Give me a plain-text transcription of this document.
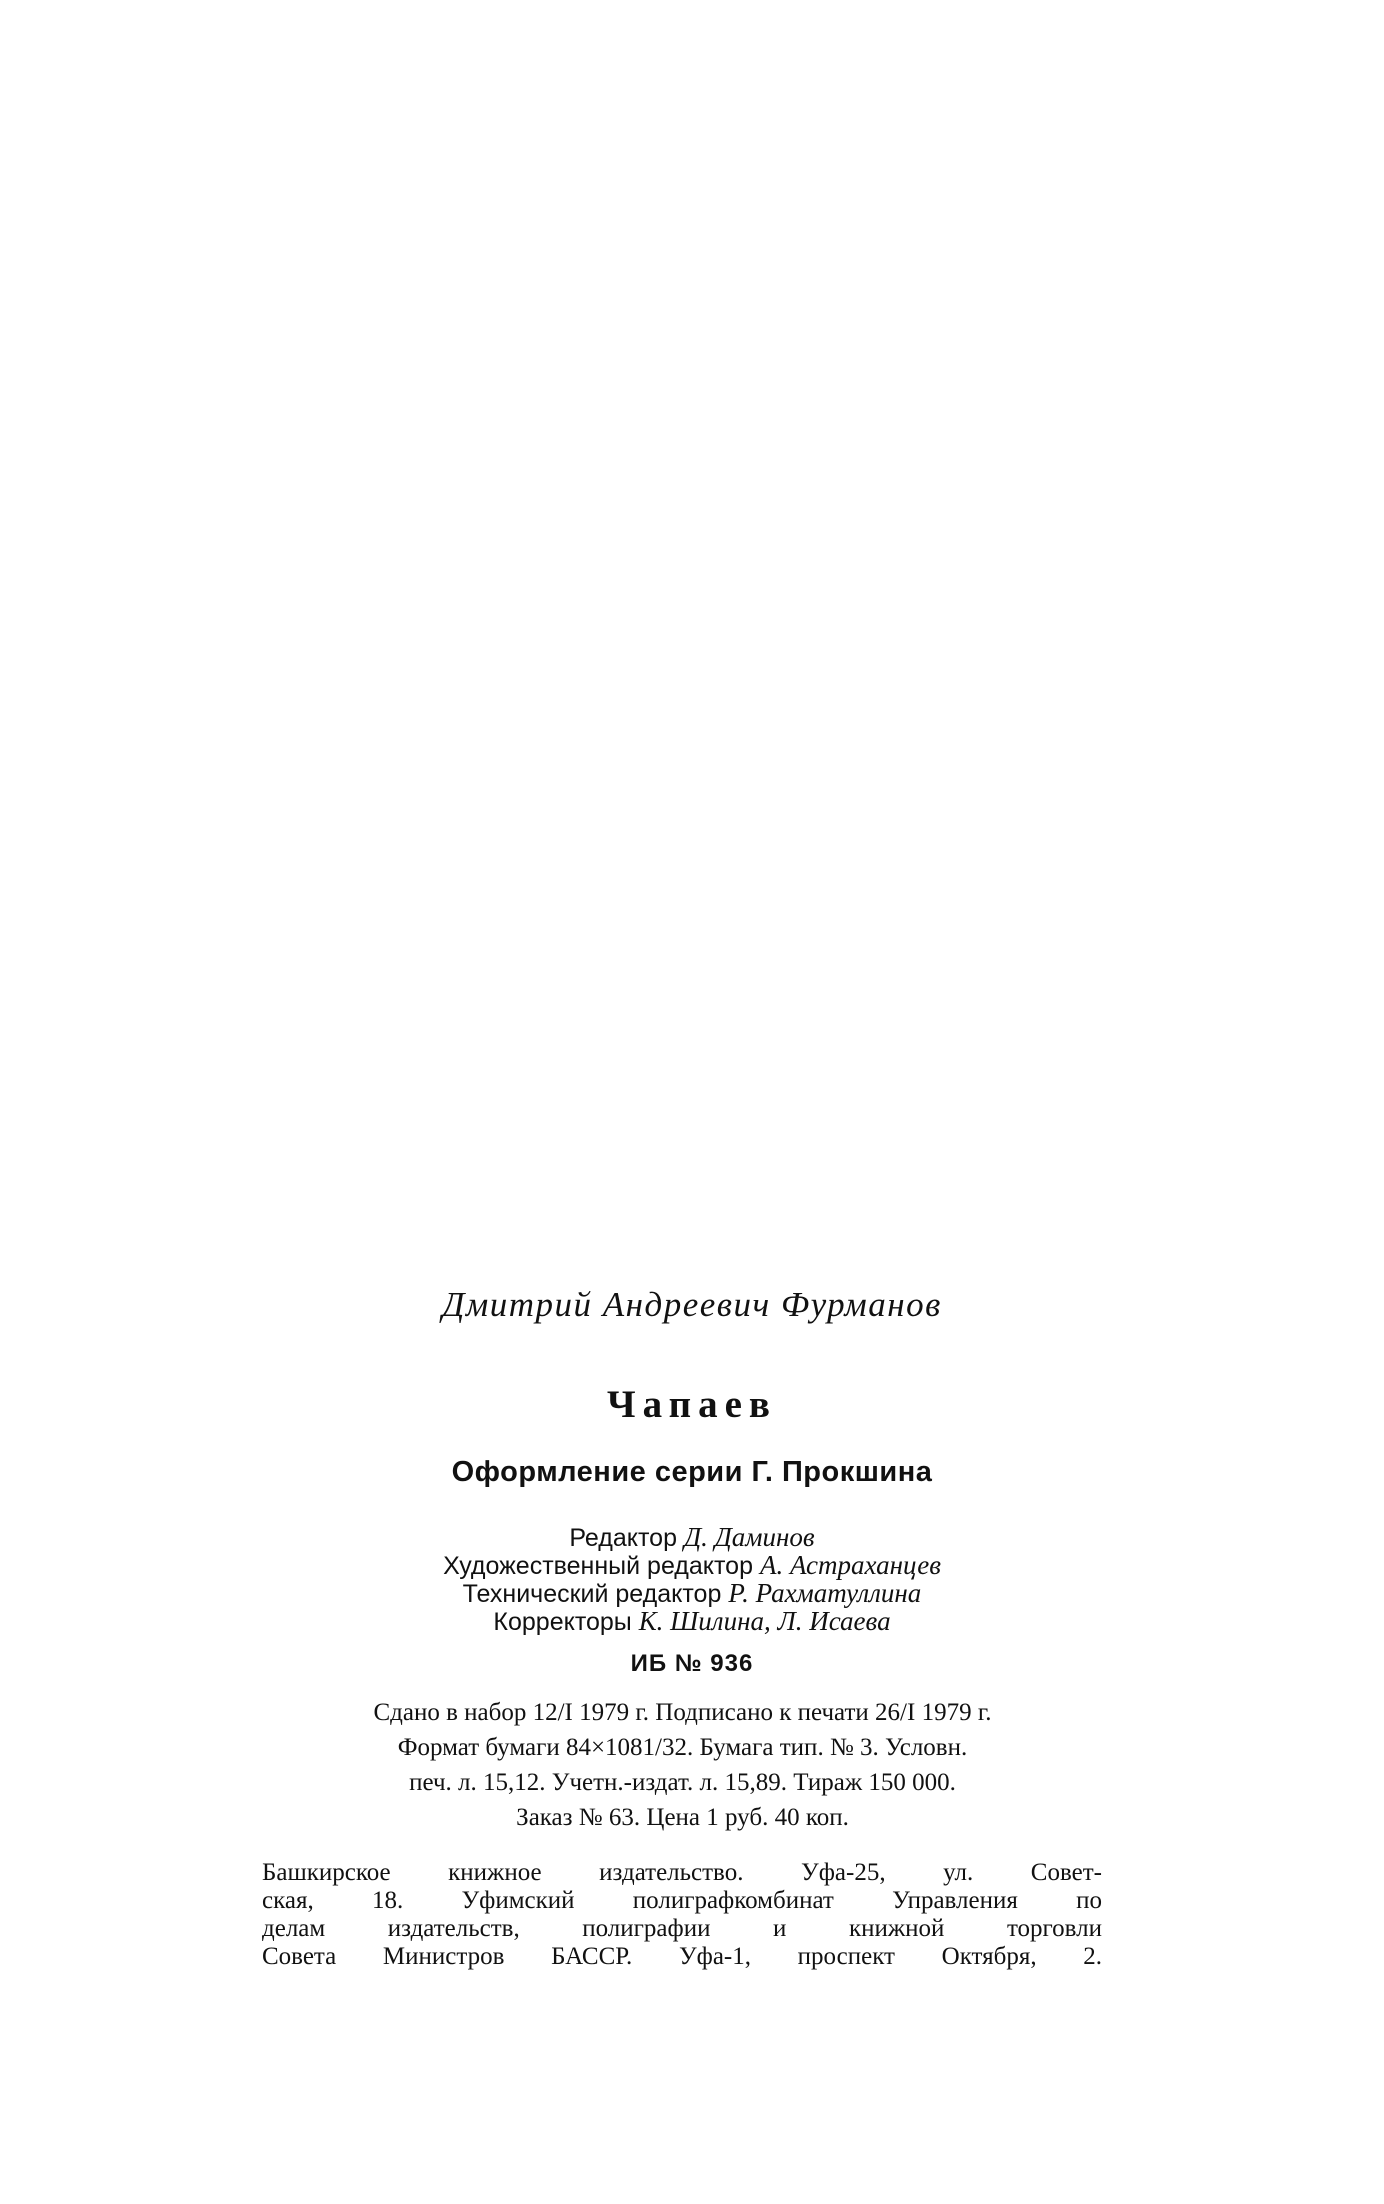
Дмитрий Андреевич Фурманов
Чапаев
Оформление серии Г. Прокшина
Редактор Д. Даминов
Художественный редактор А. Астраханцев
Технический редактор Р. Рахматуллина
Корректоры К. Шилина, Л. Исаева
ИБ № 936
Сдано в набор 12/I 1979 г. Подписано к печати 26/I 1979 г.
Формат бумаги 84×1081/32. Бумага тип. № 3. Условн.
печ. л. 15,12. Учетн.-издат. л. 15,89. Тираж 150 000.
Заказ № 63. Цена 1 руб. 40 коп.
Башкирское книжное издательство. Уфа-25, ул. Совет-
ская, 18. Уфимский полиграфкомбинат Управления по
делам издательств, полиграфии и книжной торговли
Совета Министров БАССР. Уфа-1, проспект Октября, 2.
